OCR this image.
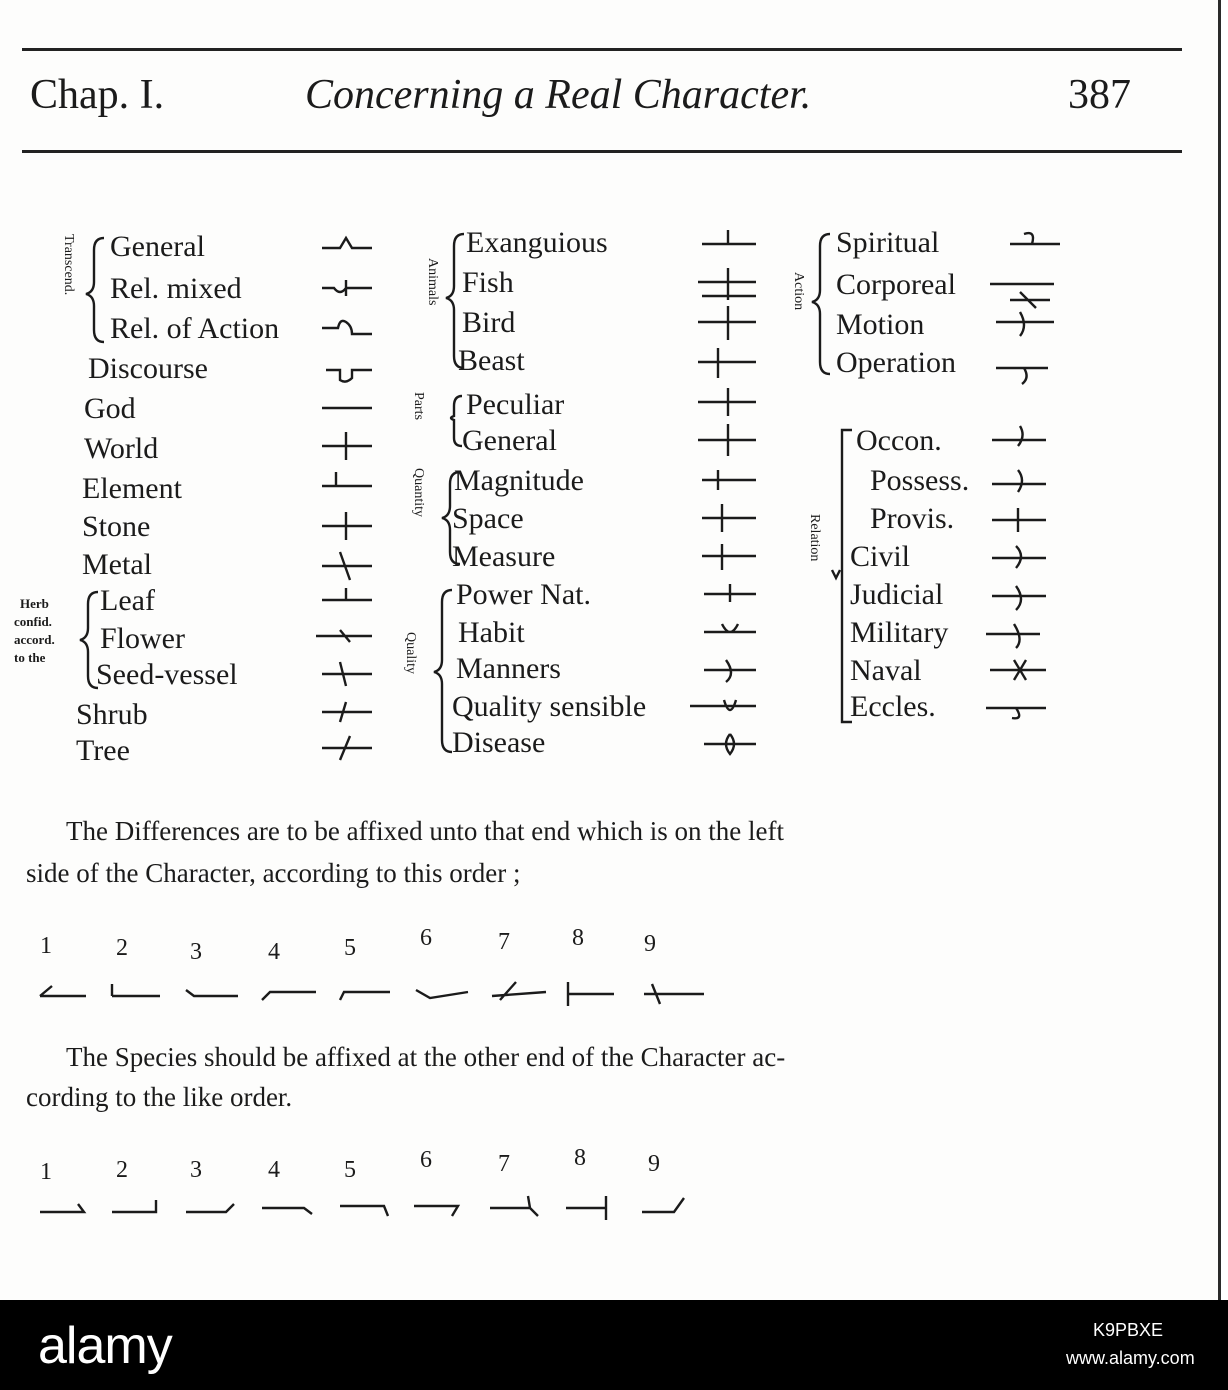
Chap. I.	Concerning a Real Character.	387
Transcend.	Animals
Parts
Quantity
Quality
Action
Relation
Herb
confid.
accord.
to the
General
Rel. mixed
Rel. of Action
Discourse
God
World
Element
Stone
Metal
Leaf
Flower
Seed-vessel
Shrub
Tree
Exanguious
Fish
Bird
Beast
Peculiar
General
Magnitude
Space
Measure
Power Nat.
Habit
Manners
Quality sensible
Disease
Spiritual
Corporeal
Motion
Operation
Occon.
Possess.
Provis.
Civil
Judicial
Military
Naval
Eccles.
The Differences are to be affixed unto that end which is on the left
side of the Character, according to this order ;
1	2	3	4	5	6	7	8	9
The Species should be affixed at the other end of the Character ac-
cording to the like order.
1	2	3	4	5	6	7	8	9
alamy	K9PBXE
www.alamy.com
